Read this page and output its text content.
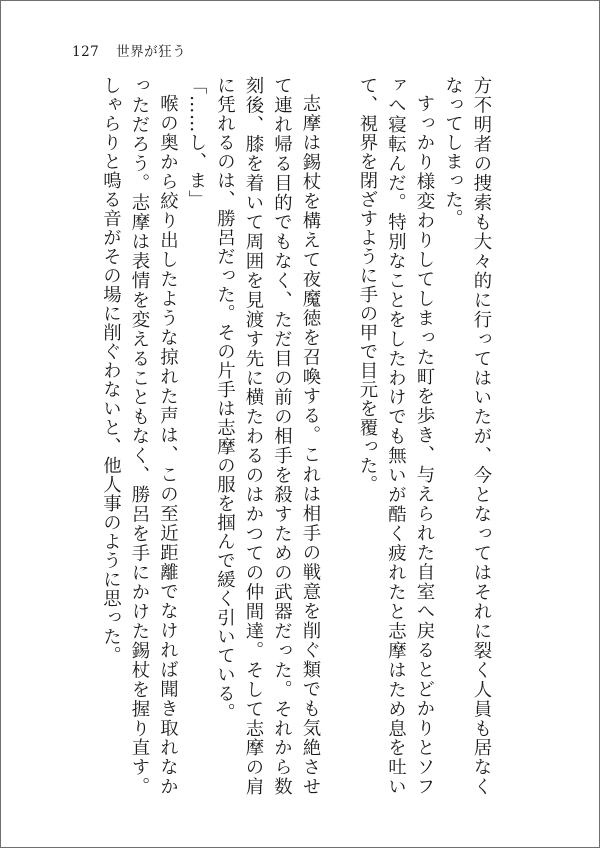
127 世界が狂う

方不明者の捜索も大々的に行ってはいたが、今となってはそれに裂く人員も居なくなってしまった。

すっかり様変わりしてしまった町を歩き、与えられた自室へ戻るとどかりとソファへ寝転んだ。特別なことをしたわけでも無いが酷く疲れたと志摩はため息を吐いて、視界を閉ざすように手の甲で目元を覆った。

志摩は錫杖を構えて夜魔徳を召喚する。これは相手の戦意を削ぐ類でも気絶させて連れ帰る目的でもなく、ただ目の前の相手を殺すための武器だった。それから数刻後、膝を着いて周囲を見渡す先に横たわるのはかつての仲間達。そして志摩の肩に凭れるのは、勝呂だった。その片手は志摩の服を掴んで緩く引いている。

「……し、ま」

喉の奥から絞り出したような掠れた声は、この至近距離でなければ聞き取れなかっただろう。志摩は表情を変えることもなく、勝呂を手にかけた錫杖を握り直す。しゃらりと鳴る音がその場に削ぐわないと、他人事のように思った。
